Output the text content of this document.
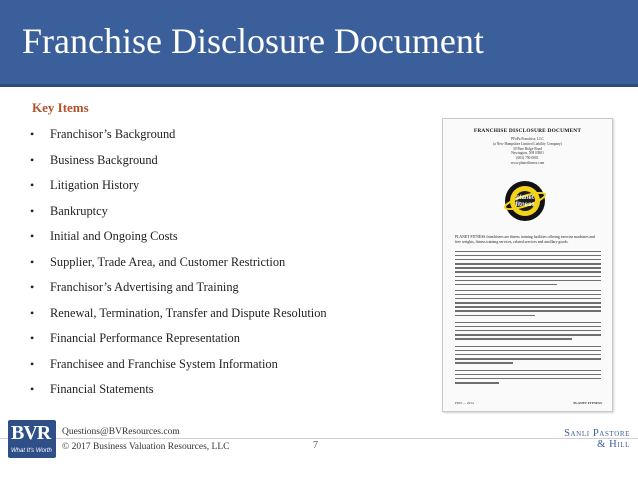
Franchise Disclosure Document
Key Items
• Franchisor’s Background
• Business Background
• Litigation History
• Bankruptcy
• Initial and Ongoing Costs
• Supplier, Trade Area, and Customer Restriction
• Franchisor’s Advertising and Training
• Renewal, Termination, Transfer and Dispute Resolution
• Financial Performance Representation
• Franchisee and Franchise System Information
• Financial Statements
FRANCHISE DISCLOSURE DOCUMENT
PFoPa Franchise, LLC
(a New Hampshire Limited Liability Company)
50 Pine Ridge Road
Newington, NH 03801
(603) 750-0001
www.planetfitness.com
planet
fitness
PLANET FITNESS franchisees are fitness training facilities offering exercise machines and free weights, fitness training services, related services and ancillary goods.
FDD — 2014	PLANET FITNESS
BVR
What It's Worth
Questions@BVResources.com
© 2017 Business Valuation Resources, LLC	7
Sanli Pastore
& Hill
